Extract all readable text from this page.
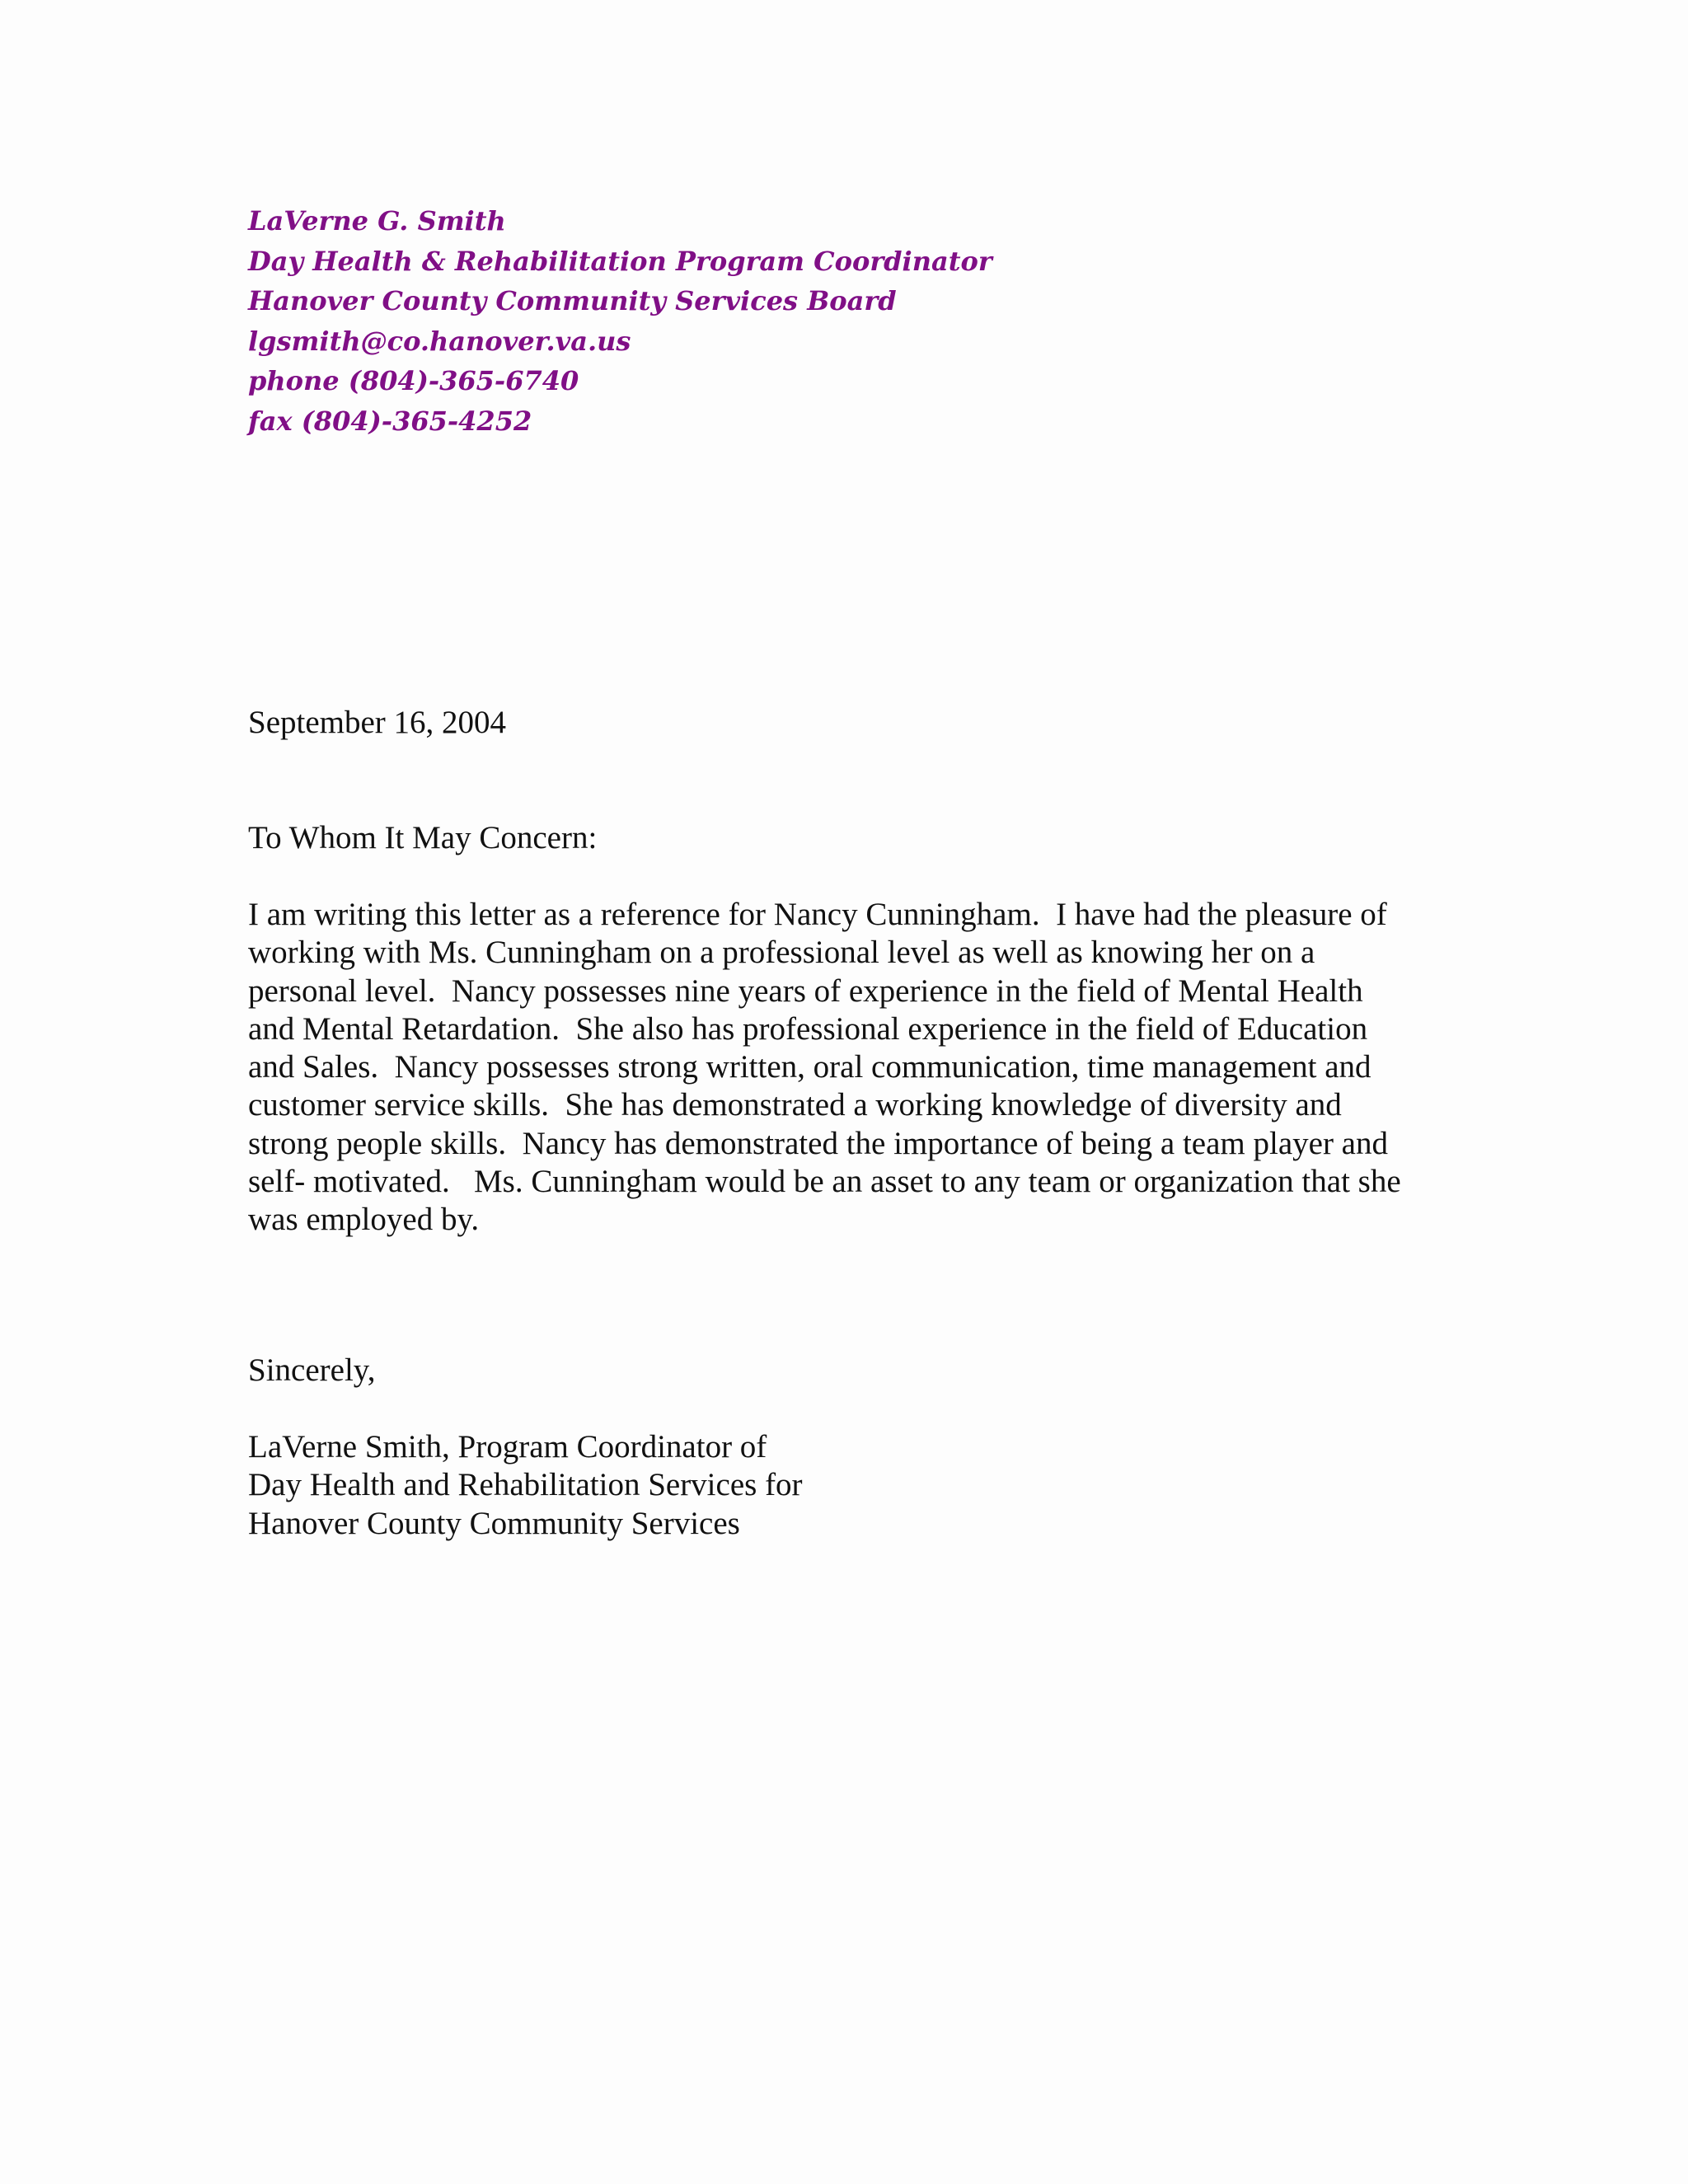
LaVerne G. Smith
Day Health & Rehabilitation Program Coordinator
Hanover County Community Services Board
lgsmith@co.hanover.va.us
phone (804)-365-6740
fax (804)-365-4252
September 16, 2004
To Whom It May Concern:
I am writing this letter as a reference for Nancy Cunningham.  I have had the pleasure of
working with Ms. Cunningham on a professional level as well as knowing her on a
personal level.  Nancy possesses nine years of experience in the field of Mental Health
and Mental Retardation.  She also has professional experience in the field of Education
and Sales.  Nancy possesses strong written, oral communication, time management and
customer service skills.  She has demonstrated a working knowledge of diversity and
strong people skills.  Nancy has demonstrated the importance of being a team player and
self- motivated.   Ms. Cunningham would be an asset to any team or organization that she
was employed by.
Sincerely,
LaVerne Smith, Program Coordinator of
Day Health and Rehabilitation Services for
Hanover County Community Services
